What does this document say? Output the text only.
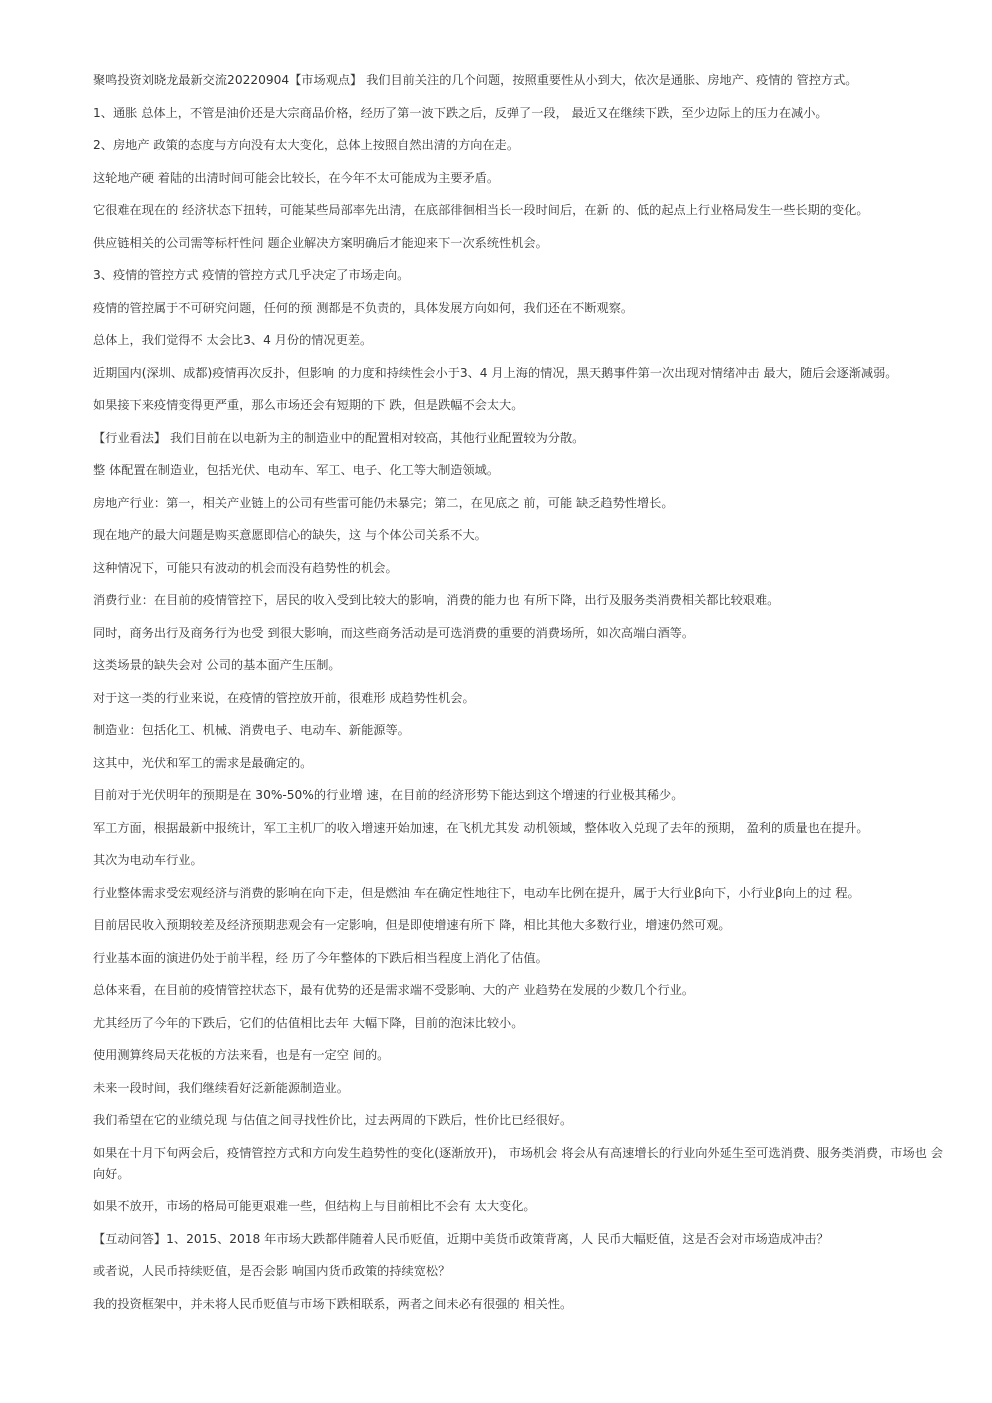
聚鸣投资刘晓龙最新交流20220904【市场观点】 我们目前关注的几个问题，按照重要性从小到大，依次是通胀、房地产、疫情的 管控方式。

1、通胀 总体上，不管是油价还是大宗商品价格，经历了第一波下跌之后，反弹了一段， 最近又在继续下跌，至少边际上的压力在减小。

2、房地产 政策的态度与方向没有太大变化，总体上按照自然出清的方向在走。

这轮地产硬 着陆的出清时间可能会比较长，在今年不太可能成为主要矛盾。

它很难在现在的 经济状态下扭转，可能某些局部率先出清，在底部徘徊相当长一段时间后，在新 的、低的起点上行业格局发生一些长期的变化。

供应链相关的公司需等标杆性问 题企业解决方案明确后才能迎来下一次系统性机会。

3、疫情的管控方式 疫情的管控方式几乎决定了市场走向。

疫情的管控属于不可研究问题，任何的预 测都是不负责的，具体发展方向如何，我们还在不断观察。

总体上，我们觉得不 太会比3、4 月份的情况更差。

近期国内(深圳、成都)疫情再次反扑，但影响 的力度和持续性会小于3、4 月上海的情况，黑天鹅事件第一次出现对情绪冲击 最大，随后会逐渐减弱。

如果接下来疫情变得更严重，那么市场还会有短期的下 跌，但是跌幅不会太大。

【行业看法】 我们目前在以电新为主的制造业中的配置相对较高，其他行业配置较为分散。

整 体配置在制造业，包括光伏、电动车、军工、电子、化工等大制造领域。

房地产行业：第一，相关产业链上的公司有些雷可能仍未暴完；第二，在见底之 前，可能 缺乏趋势性增长。

现在地产的最大问题是购买意愿即信心的缺失，这 与个体公司关系不大。

这种情况下，可能只有波动的机会而没有趋势性的机会。

消费行业：在目前的疫情管控下，居民的收入受到比较大的影响，消费的能力也 有所下降，出行及服务类消费相关都比较艰难。

同时，商务出行及商务行为也受 到很大影响，而这些商务活动是可选消费的重要的消费场所，如次高端白酒等。

这类场景的缺失会对 公司的基本面产生压制。

对于这一类的行业来说，在疫情的管控放开前，很难形 成趋势性机会。

制造业：包括化工、机械、消费电子、电动车、新能源等。

这其中，光伏和军工的需求是最确定的。

目前对于光伏明年的预期是在 30%-50%的行业增 速，在目前的经济形势下能达到这个增速的行业极其稀少。

军工方面，根据最新中报统计，军工主机厂的收入增速开始加速，在飞机尤其发 动机领域，整体收入兑现了去年的预期， 盈利的质量也在提升。

其次为电动车行业。

行业整体需求受宏观经济与消费的影响在向下走，但是燃油 车在确定性地往下，电动车比例在提升，属于大行业β向下，小行业β向上的过 程。

目前居民收入预期较差及经济预期悲观会有一定影响，但是即使增速有所下 降，相比其他大多数行业，增速仍然可观。

行业基本面的演进仍处于前半程，经 历了今年整体的下跌后相当程度上消化了估值。

总体来看，在目前的疫情管控状态下，最有优势的还是需求端不受影响、大的产 业趋势在发展的少数几个行业。

尤其经历了今年的下跌后，它们的估值相比去年 大幅下降，目前的泡沫比较小。

使用测算终局天花板的方法来看，也是有一定空 间的。

未来一段时间，我们继续看好泛新能源制造业。

我们希望在它的业绩兑现 与估值之间寻找性价比，过去两周的下跌后，性价比已经很好。

如果在十月下旬两会后，疫情管控方式和方向发生趋势性的变化(逐渐放开)， 市场机会 将会从有高速增长的行业向外延生至可选消费、服务类消费，市场也 会向好。

如果不放开，市场的格局可能更艰难一些，但结构上与目前相比不会有 太大变化。

【互动问答】1、2015、2018 年市场大跌都伴随着人民币贬值，近期中美货币政策背离，人 民币大幅贬值，这是否会对市场造成冲击？

或者说，人民币持续贬值，是否会影 响国内货币政策的持续宽松？

我的投资框架中，并未将人民币贬值与市场下跌相联系，两者之间未必有很强的 相关性。
